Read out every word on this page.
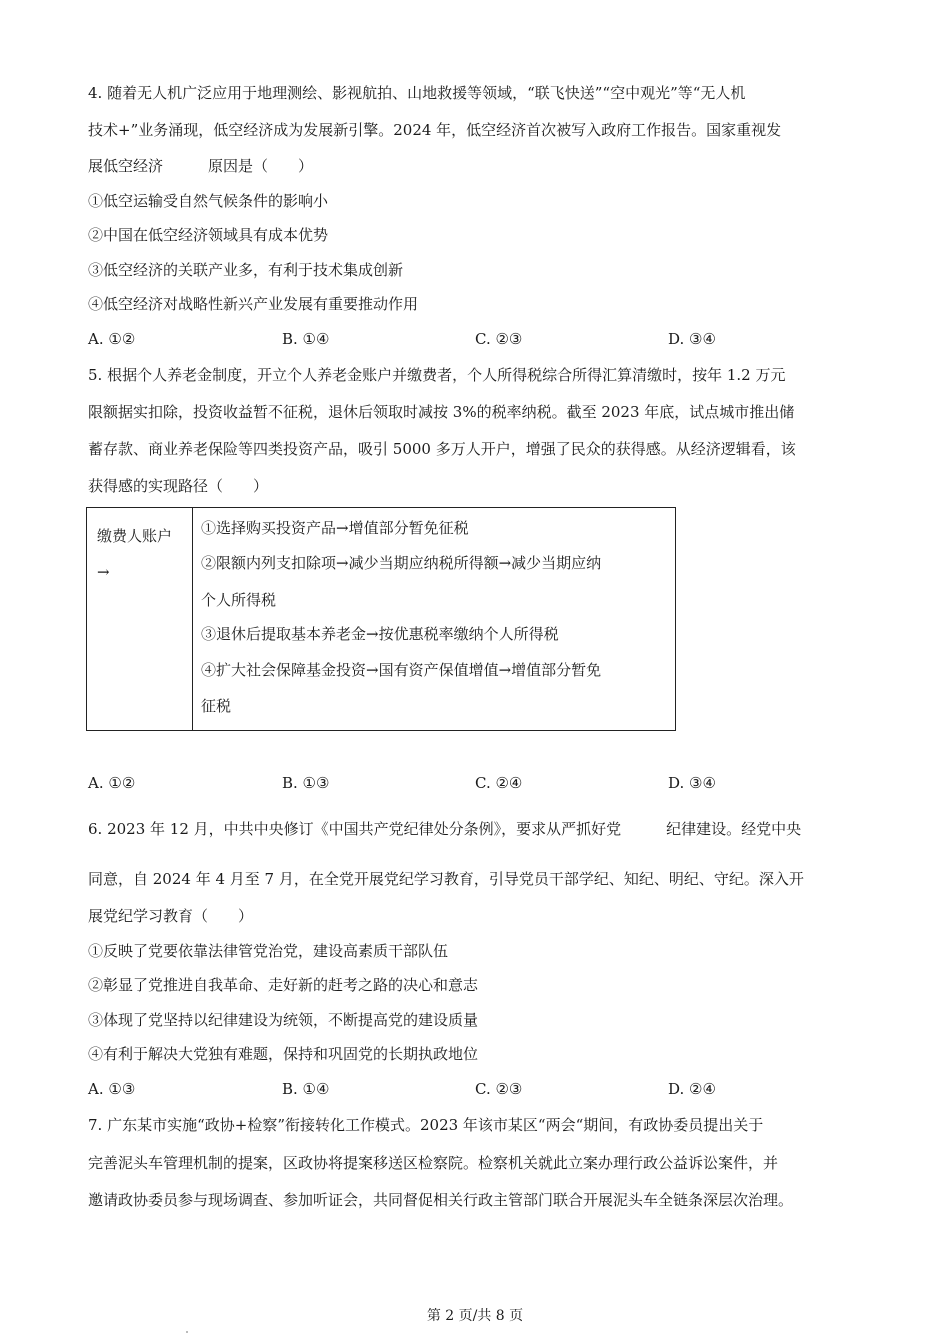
4. 随着无人机广泛应用于地理测绘、影视航拍、山地救援等领域，“联飞快送”“空中观光”等“无人机
技术+”业务涌现，低空经济成为发展新引擎。2024 年，低空经济首次被写入政府工作报告。国家重视发
展低空经济　　　原因是（　　）
①低空运输受自然气候条件的影响小
②中国在低空经济领域具有成本优势
③低空经济的关联产业多，有利于技术集成创新
④低空经济对战略性新兴产业发展有重要推动作用
A. ①②	B. ①④	C. ②③	D. ③④
5. 根据个人养老金制度，开立个人养老金账户并缴费者，个人所得税综合所得汇算清缴时，按年 1.2 万元
限额据实扣除，投资收益暂不征税，退休后领取时减按 3%的税率纳税。截至 2023 年底，试点城市推出储
蓄存款、商业养老保险等四类投资产品，吸引 5000 多万人开户，增强了民众的获得感。从经济逻辑看，该
获得感的实现路径（　　）
缴费人账户
→
①选择购买投资产品→增值部分暂免征税
②限额内列支扣除项→减少当期应纳税所得额→减少当期应纳
个人所得税
③退休后提取基本养老金→按优惠税率缴纳个人所得税
④扩大社会保障基金投资→国有资产保值增值→增值部分暂免
征税
A. ①②	B. ①③	C. ②④	D. ③④
6. 2023 年 12 月，中共中央修订《中国共产党纪律处分条例》，要求从严抓好党　　　纪律建设。经党中央
同意，自 2024 年 4 月至 7 月，在全党开展党纪学习教育，引导党员干部学纪、知纪、明纪、守纪。深入开
展党纪学习教育（　　）
①反映了党要依靠法律管党治党，建设高素质干部队伍
②彰显了党推进自我革命、走好新的赶考之路的决心和意志
③体现了党坚持以纪律建设为统领，不断提高党的建设质量
④有利于解决大党独有难题，保持和巩固党的长期执政地位
A. ①③	B. ①④	C. ②③	D. ②④
7. 广东某市实施“政协+检察”衔接转化工作模式。2023 年该市某区“两会“期间，有政协委员提出关于
完善泥头车管理机制的提案，区政协将提案移送区检察院。检察机关就此立案办理行政公益诉讼案件，并
邀请政协委员参与现场调查、参加听证会，共同督促相关行政主管部门联合开展泥头车全链条深层次治理。
第 2 页/共 8 页
